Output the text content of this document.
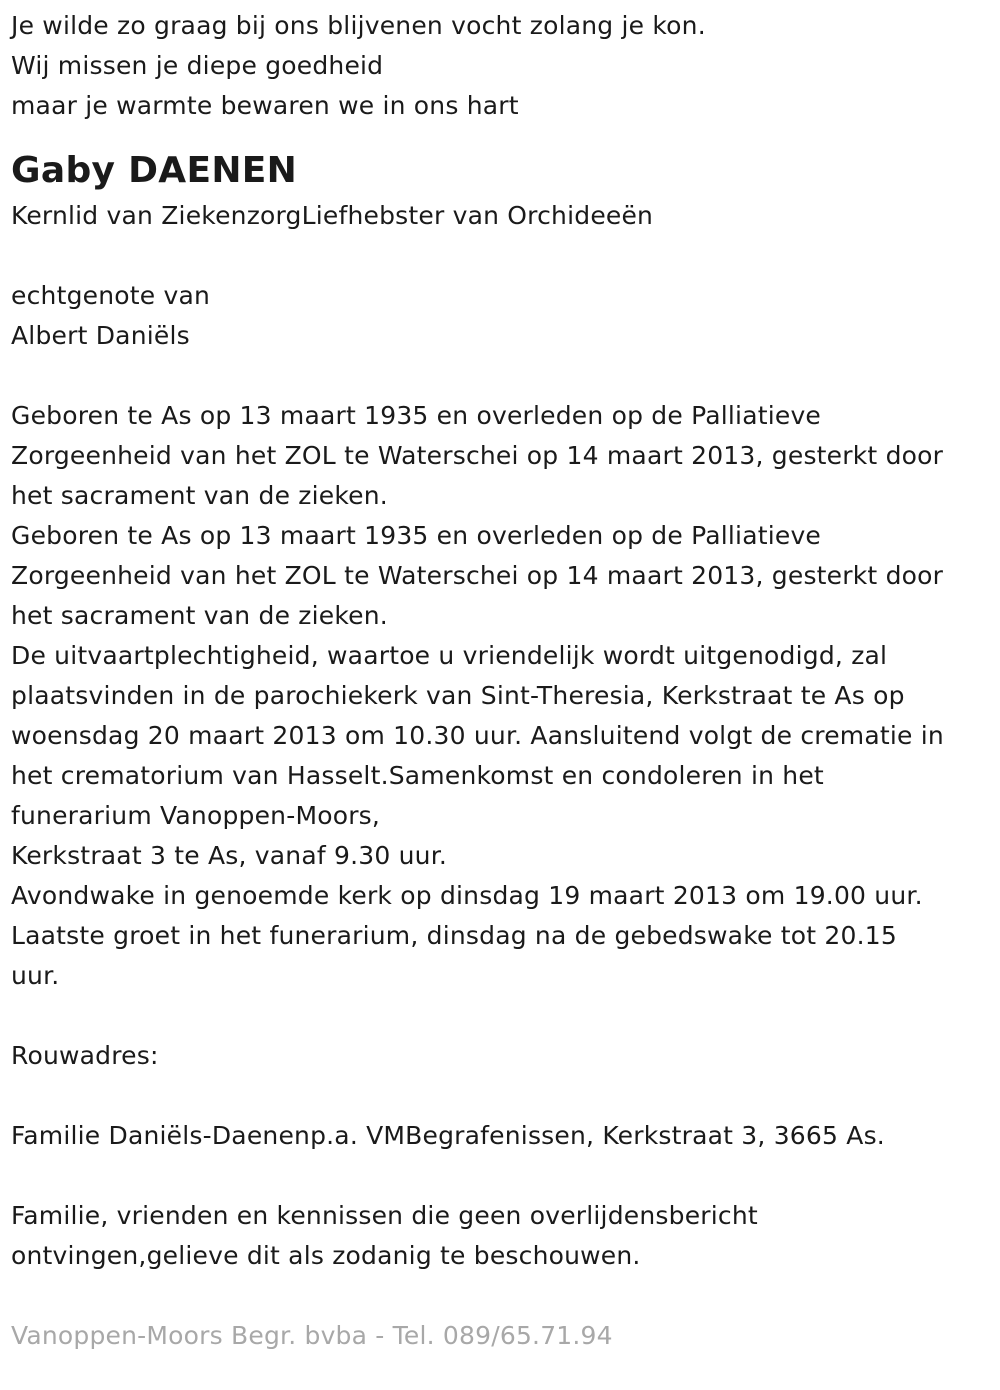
Je wilde zo graag bij ons blijvenen vocht zolang je kon.
Wij missen je diepe goedheid
maar je warmte bewaren we in ons hart
Gaby DAENEN
Kernlid van ZiekenzorgLiefhebster van Orchideeën
echtgenote van
Albert Daniëls
Geboren te As op 13 maart 1935 en overleden op de Palliatieve
Zorgeenheid van het ZOL te Waterschei op 14 maart 2013, gesterkt door
het sacrament van de zieken.
Geboren te As op 13 maart 1935 en overleden op de Palliatieve
Zorgeenheid van het ZOL te Waterschei op 14 maart 2013, gesterkt door
het sacrament van de zieken.
De uitvaartplechtigheid, waartoe u vriendelijk wordt uitgenodigd, zal
plaatsvinden in de parochiekerk van Sint-Theresia, Kerkstraat te As op
woensdag 20 maart 2013 om 10.30 uur. Aansluitend volgt de crematie in
het crematorium van Hasselt.Samenkomst en condoleren in het
funerarium Vanoppen-Moors,
Kerkstraat 3 te As, vanaf 9.30 uur.
Avondwake in genoemde kerk op dinsdag 19 maart 2013 om 19.00 uur.
Laatste groet in het funerarium, dinsdag na de gebedswake tot 20.15
uur.
Rouwadres:
Familie Daniëls-Daenenp.a. VMBegrafenissen, Kerkstraat 3, 3665 As.
Familie, vrienden en kennissen die geen overlijdensbericht
ontvingen,gelieve dit als zodanig te beschouwen.
Vanoppen-Moors Begr. bvba - Tel. 089/65.71.94
